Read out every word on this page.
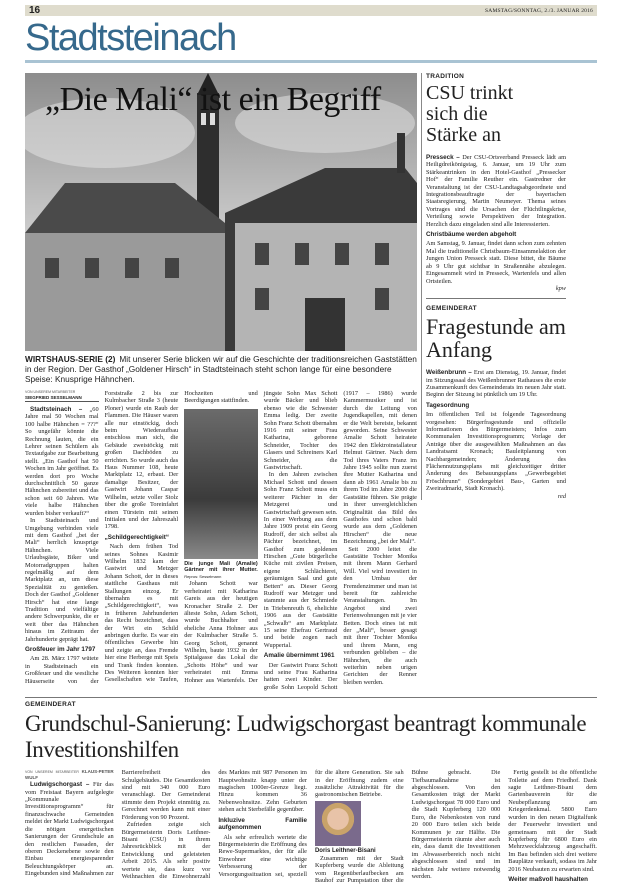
16	SAMSTAG/SONNTAG, 2./3. JANUAR 2016
Stadtsteinach
„Die Mali“ ist ein Begriff
WIRTSHAUS-SERIE (2) Mit unserer Serie blicken wir auf die Geschichte der traditionsreichen Gaststätten in der Region. Der Gasthof „Goldener Hirsch“ in Stadtsteinach steht schon lange für eine besondere Speise: Knusprige Hähnchen.
VON UNSEREM MITARBEITER
SIEGFRIED SESSELMANN

Stadtsteinach – „60 Jahre mal 50 Wochen mal 100 halbe Hähnchen = ???“ So ungefähr könnte die Rechnung lauten, die ein Lehrer seinen Schülern als Textaufgabe zur Bearbeitung stellt. „Ein Gasthof hat 50 Wochen im Jahr geöffnet. Es werden dort pro Woche durchschnittlich 50 ganze Hähnchen zubereitet und das schon seit 60 Jahren. Wie viele halbe Hähnchen wurden bisher verkauft?“

In Stadtsteinach und Umgebung verbinden viele mit dem Gasthof „bei der Mali“ herrlich knusprige Hähnchen. Viele Urlaubsgäste, Biker und Motorradgruppen halten regelmäßig auf dem Marktplatz an, um diese Spezialität zu genießen. Doch der Gasthof „Goldener Hirsch“ hat eine lange Tradition und vielfältige andere Schwerpunkte, die er weit über das Hähnchen hinaus im Zeitraum der Jahrhunderte geprägt hat.

Großfeuer im Jahr 1797

Am 28. März 1797 wütete in Stadtsteinach ein Großfeuer und die westliche Häuserseite von der Forststraße 2 bis zur Kulmbacher Straße 3 (heute Ploner) wurde ein Raub der Flammen. Die Häuser waren alle nur einstöckig, doch beim Wiederaufbau entschloss man sich, die Gebäude zweistöckig mit großen Dachböden zu errichten. So wurde auch das Haus Nummer 108, heute Marktplatz 12, erbaut. Der damalige Besitzer, der Gastwirt Johann Caspar Wilhelm, setzte voller Stolz über die große Toreinfahrt einen Türstein mit seinen Initialen und der Jahreszahl 1798.

„Schildgerechtigkeit“

Nach dem frühen Tod seines Sohnes Kasimir Wilhelm 1832 kam der Gastwirt und Metzger Johann Schott, der in dieses stattliche Gasthaus mit Stallungen einzog. Er übernahm es mit „Schildgerechtigkeit“, was in früheren Jahrhunderten das Recht bezeichnet, dass der Wirt ein Schild anbringen durfte. Es war ein öffentliches Gewerbe hin und zeigte an, dass Fremde hier eine Herberge mit Speis und Trank finden konnten. Des Weiteren konnten hier Gesellschaften wie Taufen, Hochzeiten und Beerdigungen stattfinden.

Die junge Mali (Amalie) Gärtner mit ihrer Mutter. Repros: Sesselmann

Johann Schott war verheiratet mit Katharina Gareis aus der heutigen Kronacher Straße 2. Der älteste Sohn, Adam Schott, wurde Buchhalter und eheliche Anna Hohner aus der Kulmbacher Straße 5. Georg Schott, genannt Wilhelm, baute 1932 in der Spitalgasse das Lokal die „Schotts Höhe“ und war verheiratet mit Emma Hohner aus Wartenfels. Der jüngste Sohn Max Schott wurde Bäcker und blieb ebenso wie die Schwester Emma ledig. Der zweite Sohn Franz Schott übernahm 1916 mit seiner Frau Katharina, geborene Schneider, Tochter des Glasers und Schreiners Karl Schneider, die Gastwirtschaft.

In den Jahren zwischen Michael Schott und dessen Sohn Franz Schott muss ein weiterer Pächter in der Metzgerei und Gastwirtschaft gewesen sein. In einer Werbung aus dem Jahre 1909 preist ein Georg Rudroff, der sich selbst als Pächter bezeichnet, im Gasthof zum goldenen Hirschen „Gute bürgerliche Küche mit zivilen Preisen, eigene Schlächterei, geräumigen Saal und gute Betten“ an. Dieser Georg Rudroff war Metzger und stammte aus der Schmiede in Triebenreuth 6, ehelichte 1906 aus der Gaststätte „Schwalb“ am Marktplatz 15 seine Ehefrau Gertraud und beide zogen nach Wuppertal.

Amalie übernimmt 1961

Der Gastwirt Franz Schott und seine Frau Katharina hatten zwei Kinder. Der große Sohn Leopold Schott (1917 – 1986) wurde Kammermusiker und ist durch die Leitung von Jugendkapellen, mit denen er die Welt bereiste, bekannt geworden. Seine Schwester Amalie Schott heiratete 1942 den Elektroinstallateur Helmut Gärtner. Nach dem Tod ihres Vaters Franz im Jahre 1945 sollte nun zuerst ihre Mutter Katharina und dann ab 1961 Amalie bis zu ihrem Tod im Jahre 2000 die Gaststätte führen. Sie prägte in ihrer unvergleichlichen Originalität das Bild des Gasthofes und schon bald wurde aus dem „Goldenen Hirschen“ die neue Bezeichnung „bei der Mali“.

Seit 2000 leitet die Gaststätte Tochter Monika mit ihrem Mann Gerhard Will. Viel wird investiert in den Umbau der Fremdenzimmer und man ist bereit für zahlreiche Veranstaltungen. Im Angebot sind zwei Ferienwohnungen mit je vier Betten. Doch eines ist mit der „Mali“, besser gesagt mit ihrer Tochter Monika und ihrem Mann, eng verbunden geblieben – die Hähnchen, die auch weiterhin neben urigen Gerichten der Renner bleiben werden.

TRADITION
CSU trinkt sich die Stärke an
Presseck – Der CSU-Ortsverband Presseck lädt am Heiligdreikönigstag, 6. Januar, um 19 Uhr zum Stärkeantrinken in den Hotel-Gasthof „Pressecker Hof“ der Familie Reuther ein. Gastredner der Veranstaltung ist der CSU-Landtagsabgeordnete und Integrationsbeauftragte der bayerischen Staatsregierung, Martin Neumeyer. Thema seines Vortrages sind die Ursachen der Flüchtlingskrise, Verteilung sowie Perspektiven der Integration. Herzlich dazu eingeladen sind alle Interessierten.
Christbäume werden abgeholt
Am Samstag, 9. Januar, findet dann schon zum zehnten Mal die traditionelle Christbaum-Einsammelaktion der Jungen Union Presseck statt. Diese bittet, die Bäume ab 9 Uhr gut sichtbar in Straßennähe abzulegen. Eingesammelt wird in Presseck, Wartenfels und allen Ortsteilen.
kpw
GEMEINDERAT
Fragestunde am Anfang
Weißenbrunn – Erst am Dienstag, 19. Januar, findet im Sitzungssaal des Weißenbrunner Rathauses die erste Zusammenkunft des Gemeinderats im neuen Jahr statt. Beginn der Sitzung ist pünktlich um 19 Uhr.
Tagesordnung
Im öffentlichen Teil ist folgende Tagesordnung vorgesehen: Bürgerfragestunde und offizielle Informationen des Bürgermeisters; Infos zum Kommunalen Investitionsprogramm; Vorlage der Anträge über die ausgewählten Maßnahmen an das Landratsamt Kronach; Bauleitplanung von Nachbargemeinden; Änderung des Flächennutzungsplans mit gleichzeitiger dritter Änderung des Bebauungsplans „Gewerbegebiet Fröschbrunn“ (Sondergebiet Bau-, Garten und Zweiradmarkt, Stadt Kronach).
red
GEMEINDERAT
Grundschul-Sanierung: Ludwigschorgast beantragt kommunale Investitionshilfen
VON UNSEREM MITARBEITER KLAUS-PETER WULF

Ludwigschorgast – Für das vom Freistaat Bayern aufgelegte „Kommunale Investitionsprogramm“ für finanzschwache Gemeinden meldet der Markt Ludwigschorgast die nötigen energetischen Sanierungen der Grundschule an den restlichen Fassaden, der oberen Deckenebene sowie den Einbau energiesparender Beleuchtungskörper an. Eingebunden sind Maßnahmen zur Barrierefreiheit des Schulgebäudes. Die Gesamtkosten sind mit 340 000 Euro veranschlagt. Der Gemeinderat stimmte dem Projekt einmütig zu. Gerechnet werden kann mit einer Förderung von 90 Prozent.

Zufrieden zeigte sich Bürgermeisterin Doris Leithner-Bisani (CSU) in ihrem Jahresrückblick mit der Entwicklung und geleisteten Arbeit 2015. Als sehr positiv wertete sie, dass kurz vor Weihnachten die Einwohnerzahl des Marktes mit 987 Personen im Hauptwohnsitz knapp unter der magischen 1000er-Grenze liegt. Hinzu kommen 36 Nebenwohnsitze. Zehn Geburten stehen acht Sterbefälle gegenüber.

Inkluzive Familie aufgenommen

Als sehr erfreulich wertete die Bürgermeisterin die Eröffnung des Rewe-Supermarktes, der für alle Einwohner eine wichtige Verbesserung der Versorgungssituation sei, speziell für die ältere Generation. Sie sah in der Eröffnung zudem eine zusätzliche Attraktivität für die gastronomischen Betriebe.

Doris Leithner-Bisani

Zusammen mit der Stadt Kupferberg wurde die Ableitung vom Regenüberlaufbecken am Bauhof zur Pumpstation über die Bühne gebracht. Die Tiefbaumaßnahme ist abgeschlossen. Von den Gesamtkosten trägt der Markt Ludwigschorgast 78 000 Euro und die Stadt Kupferberg 120 000 Euro, die Nebenkosten von rund 20 000 Euro teilen sich beide Kommunen je zur Hälfte. Die Bürgermeisterin räumte aber auch ein, dass damit die Investitionen im Abwasserbereich noch nicht abgeschlossen sind und im nächsten Jahr weitere notwendig werden.

Fertig gestellt ist die öffentliche Toilette auf dem Friedhof. Dank sagte Leithner-Bisani dem Gartenbauverein für die Neubepflanzung am Kriegerdenkmal. 5800 Euro wurden in den neuen Digitalfunk der Feuerwehr investiert und gemeinsam mit der Stadt Kupferberg für 6800 Euro ein Mehrzweckfahrzeug angeschafft. Im Bau befinden sich drei weitere Bauplätze verkauft, sodass im Jahr 2016 Neubauten zu erwarten sind.

Weiter maßvoll haushalten
